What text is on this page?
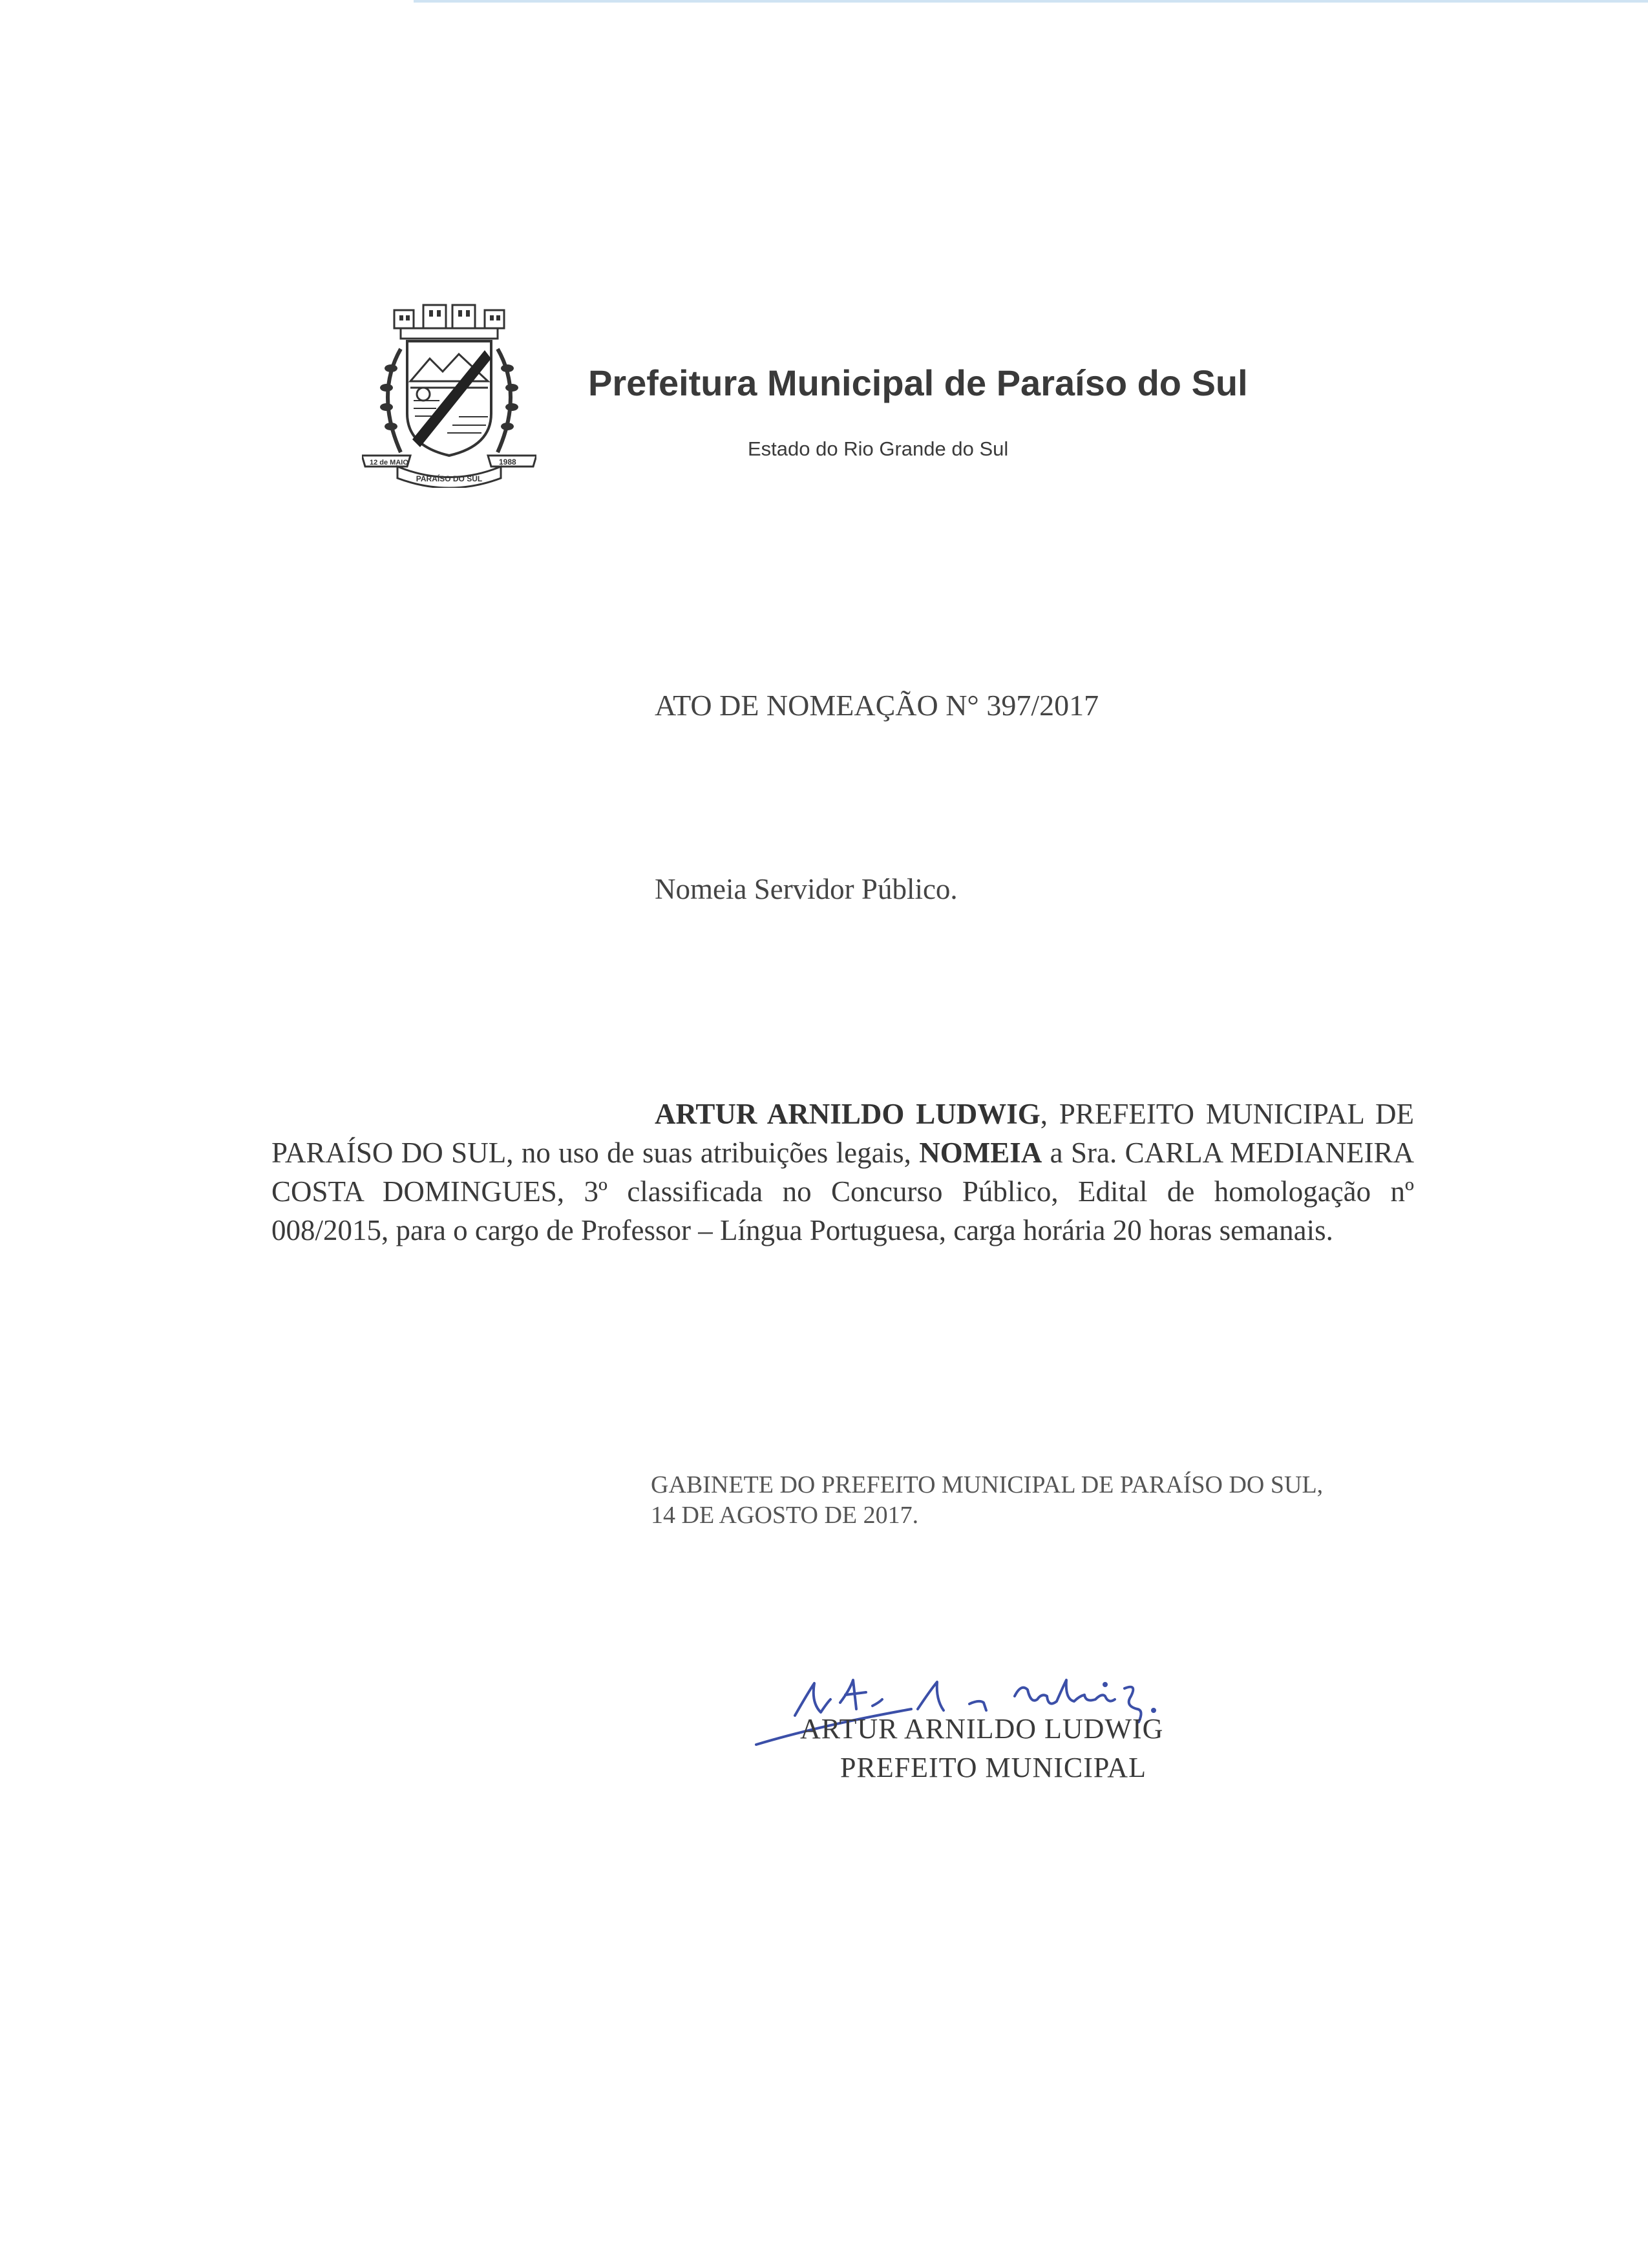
12 de MAIO	1988
PARAÍSO DO SUL
Prefeitura Municipal de Paraíso do Sul
Estado do Rio Grande do Sul
ATO DE NOMEAÇÃO N° 397/2017
Nomeia Servidor Público.
ARTUR ARNILDO LUDWIG, PREFEITO MUNICIPAL DE PARAÍSO DO SUL, no uso de suas atribuições legais, NOMEIA a Sra. CARLA MEDIANEIRA COSTA DOMINGUES, 3º classificada no Concurso Público, Edital de homologação nº 008/2015, para o cargo de Professor – Língua Portuguesa, carga horária 20 horas semanais.
GABINETE DO PREFEITO MUNICIPAL DE PARAÍSO DO SUL,
14 DE AGOSTO DE 2017.
ARTUR ARNILDO LUDWIG
PREFEITO MUNICIPAL
